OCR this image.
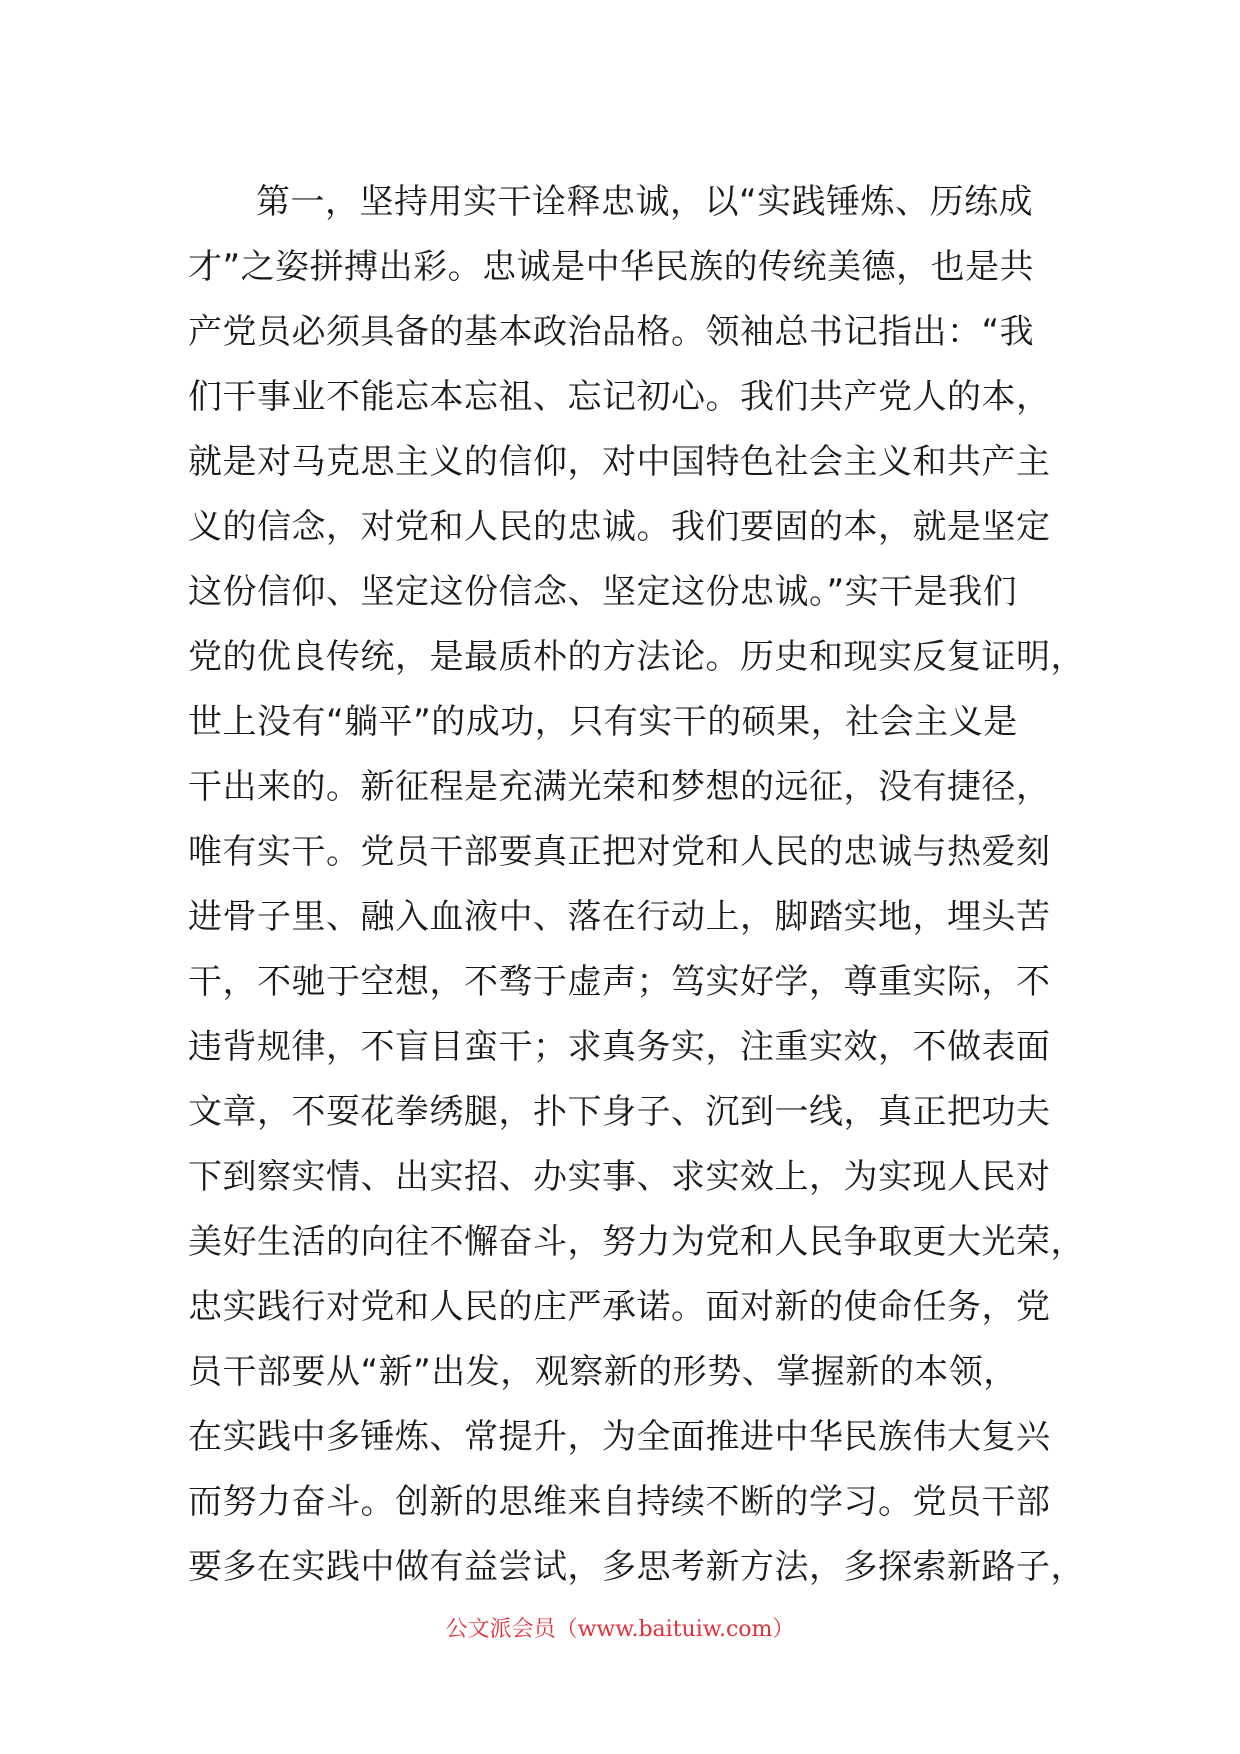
第一，坚持用实干诠释忠诚，以“实践锤炼、历练成
才”之姿拼搏出彩。忠诚是中华民族的传统美德，也是共
产党员必须具备的基本政治品格。领袖总书记指出：“我
们干事业不能忘本忘祖、忘记初心。我们共产党人的本，
就是对马克思主义的信仰，对中国特色社会主义和共产主
义的信念，对党和人民的忠诚。我们要固的本，就是坚定
这份信仰、坚定这份信念、坚定这份忠诚。”实干是我们
党的优良传统，是最质朴的方法论。历史和现实反复证明，
世上没有“躺平”的成功，只有实干的硕果，社会主义是
干出来的。新征程是充满光荣和梦想的远征，没有捷径，
唯有实干。党员干部要真正把对党和人民的忠诚与热爱刻
进骨子里、融入血液中、落在行动上，脚踏实地，埋头苦
干，不驰于空想，不骛于虚声；笃实好学，尊重实际，不
违背规律，不盲目蛮干；求真务实，注重实效，不做表面
文章，不耍花拳绣腿，扑下身子、沉到一线，真正把功夫
下到察实情、出实招、办实事、求实效上，为实现人民对
美好生活的向往不懈奋斗，努力为党和人民争取更大光荣，
忠实践行对党和人民的庄严承诺。面对新的使命任务，党
员干部要从“新”出发，观察新的形势、掌握新的本领，
在实践中多锤炼、常提升，为全面推进中华民族伟大复兴
而努力奋斗。创新的思维来自持续不断的学习。党员干部
要多在实践中做有益尝试，多思考新方法，多探索新路子，
公文派会员（www.baituiw.com）
